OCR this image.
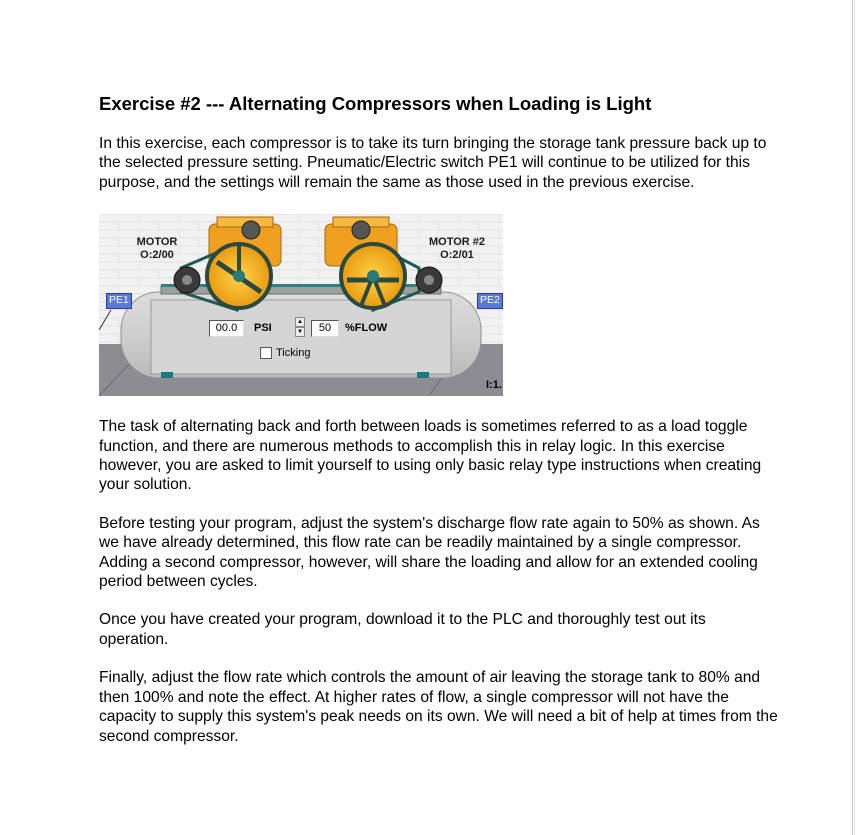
Exercise #2 --- Alternating Compressors when Loading is Light

In this exercise, each compressor is to take its turn bringing the storage tank pressure back up to the selected pressure setting. Pneumatic/Electric switch PE1 will continue to be utilized for this purpose, and the settings will remain the same as those used in the previous exercise.

MOTOR
O:2/00
MOTOR #2
O:2/01
PE1	PE2
00.0	PSI	▲
▼	50	%FLOW
Ticking
I:1.

The task of alternating back and forth between loads is sometimes referred to as a load toggle function, and there are numerous methods to accomplish this in relay logic. In this exercise however, you are asked to limit yourself to using only basic relay type instructions when creating your solution.

Before testing your program, adjust the system's discharge flow rate again to 50% as shown. As we have already determined, this flow rate can be readily maintained by a single compressor. Adding a second compressor, however, will share the loading and allow for an extended cooling period between cycles.

Once you have created your program, download it to the PLC and thoroughly test out its operation.

Finally, adjust the flow rate which controls the amount of air leaving the storage tank to 80% and then 100% and note the effect. At higher rates of flow, a single compressor will not have the capacity to supply this system's peak needs on its own. We will need a bit of help at times from the second compressor.
